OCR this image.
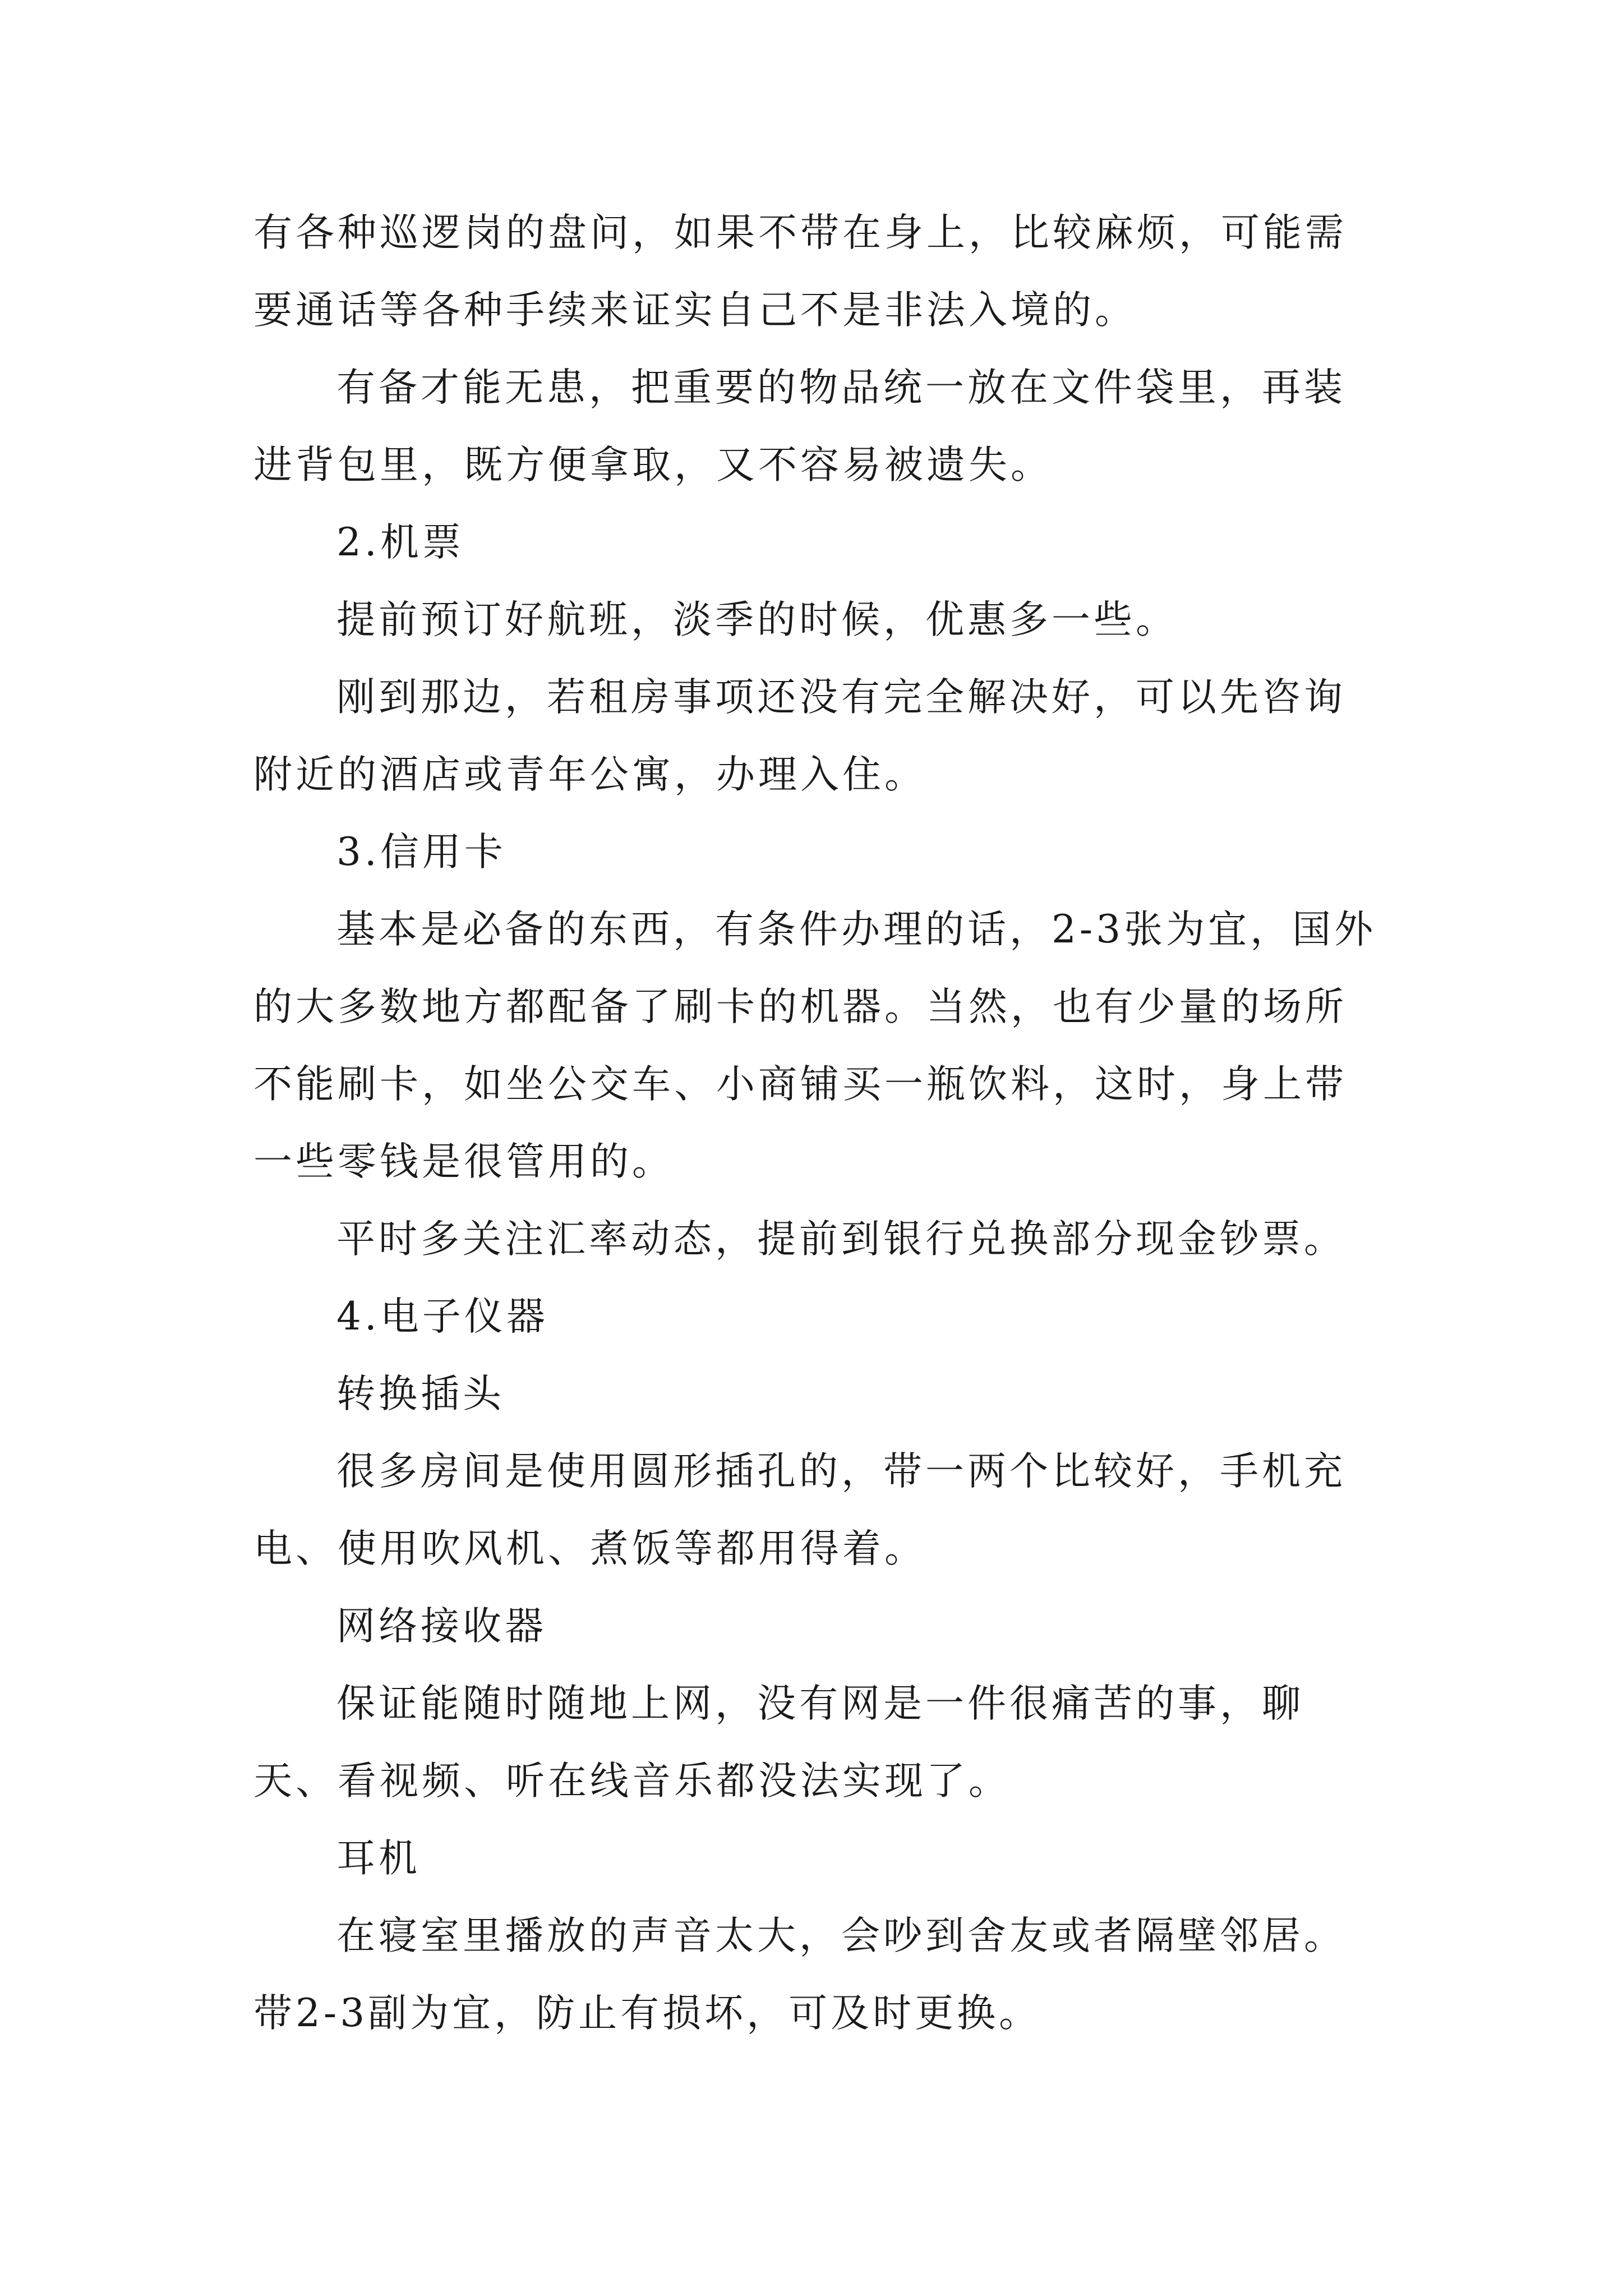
有各种巡逻岗的盘问，如果不带在身上，比较麻烦，可能需要通话等各种手续来证实自己不是非法入境的。

有备才能无患，把重要的物品统一放在文件袋里，再装进背包里，既方便拿取，又不容易被遗失。

2.机票

提前预订好航班，淡季的时候，优惠多一些。

刚到那边，若租房事项还没有完全解决好，可以先咨询附近的酒店或青年公寓，办理入住。

3.信用卡

基本是必备的东西，有条件办理的话，2-3张为宜，国外的大多数地方都配备了刷卡的机器。当然，也有少量的场所不能刷卡，如坐公交车、小商铺买一瓶饮料，这时，身上带一些零钱是很管用的。

平时多关注汇率动态，提前到银行兑换部分现金钞票。

4.电子仪器

转换插头

很多房间是使用圆形插孔的，带一两个比较好，手机充电、使用吹风机、煮饭等都用得着。

网络接收器

保证能随时随地上网，没有网是一件很痛苦的事，聊天、看视频、听在线音乐都没法实现了。

耳机

在寝室里播放的声音太大，会吵到舍友或者隔壁邻居。带2-3副为宜，防止有损坏，可及时更换。
